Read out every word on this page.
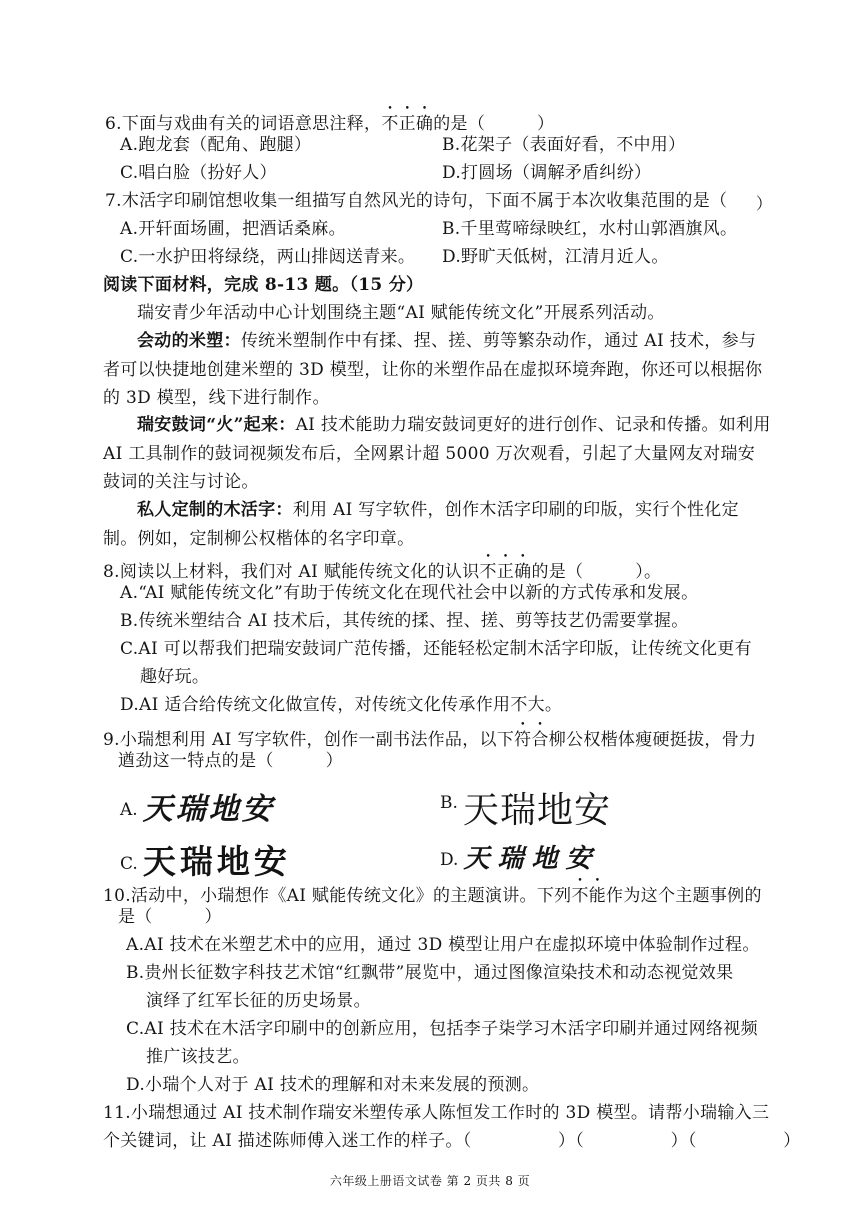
6.下面与戏曲有关的词语意思注释，不正确的是（　　　）
A.跑龙套（配角、跑腿）	B.花架子（表面好看，不中用）
C.唱白脸（扮好人）	D.打圆场（调解矛盾纠纷）
7.木活字印刷馆想收集一组描写自然风光的诗句，下面不属于本次收集范围的是（ ）
A.开轩面场圃，把酒话桑麻。	B.千里莺啼绿映红，水村山郭酒旗风。
C.一水护田将绿绕，两山排闼送青来。 D.野旷天低树，江清月近人。
阅读下面材料，完成 8-13 题。（15 分）
瑞安青少年活动中心计划围绕主题“AI 赋能传统文化”开展系列活动。
会动的米塑：传统米塑制作中有揉、捏、搓、剪等繁杂动作，通过 AI 技术，参与者可以快捷地创建米塑的 3D 模型，让你的米塑作品在虚拟环境奔跑，你还可以根据你的 3D 模型，线下进行制作。
瑞安鼓词“火”起来：AI 技术能助力瑞安鼓词更好的进行创作、记录和传播。如利用 AI 工具制作的鼓词视频发布后，全网累计超 5000 万次观看，引起了大量网友对瑞安鼓词的关注与讨论。
私人定制的木活字：利用 AI 写字软件，创作木活字印刷的印版，实行个性化定制。例如，定制柳公权楷体的名字印章。
8.阅读以上材料，我们对 AI 赋能传统文化的认识不正确的是（　　　）。
A.“AI 赋能传统文化”有助于传统文化在现代社会中以新的方式传承和发展。
B.传统米塑结合 AI 技术后，其传统的揉、捏、搓、剪等技艺仍需要掌握。
C.AI 可以帮我们把瑞安鼓词广范传播，还能轻松定制木活字印版，让传统文化更有
趣好玩。
D.AI 适合给传统文化做宣传，对传统文化传承作用不大。
9.小瑞想利用 AI 写字软件，创作一副书法作品，以下符合柳公权楷体瘦硬挺拔，骨力
遒劲这一特点的是（　　　）
A. 天瑞地安	B. 天瑞地安
C. 天瑞地安	D. 天瑞地安
10.活动中，小瑞想作《AI 赋能传统文化》的主题演讲。下列不能作为这个主题事例的
是（　　　）
A.AI 技术在米塑艺术中的应用，通过 3D 模型让用户在虚拟环境中体验制作过程。
B.贵州长征数字科技艺术馆“红飘带”展览中，通过图像渲染技术和动态视觉效果
演绎了红军长征的历史场景。
C.AI 技术在木活字印刷中的创新应用，包括李子柒学习木活字印刷并通过网络视频
推广该技艺。
D.小瑞个人对于 AI 技术的理解和对未来发展的预测。
11.小瑞想通过 AI 技术制作瑞安米塑传承人陈恒发工作时的 3D 模型。请帮小瑞输入三
个关键词，让 AI 描述陈师傅入迷工作的样子。（　　　　　）（　　　　　）（　　　　　）
六年级上册语文试卷 第 2 页共 8 页
